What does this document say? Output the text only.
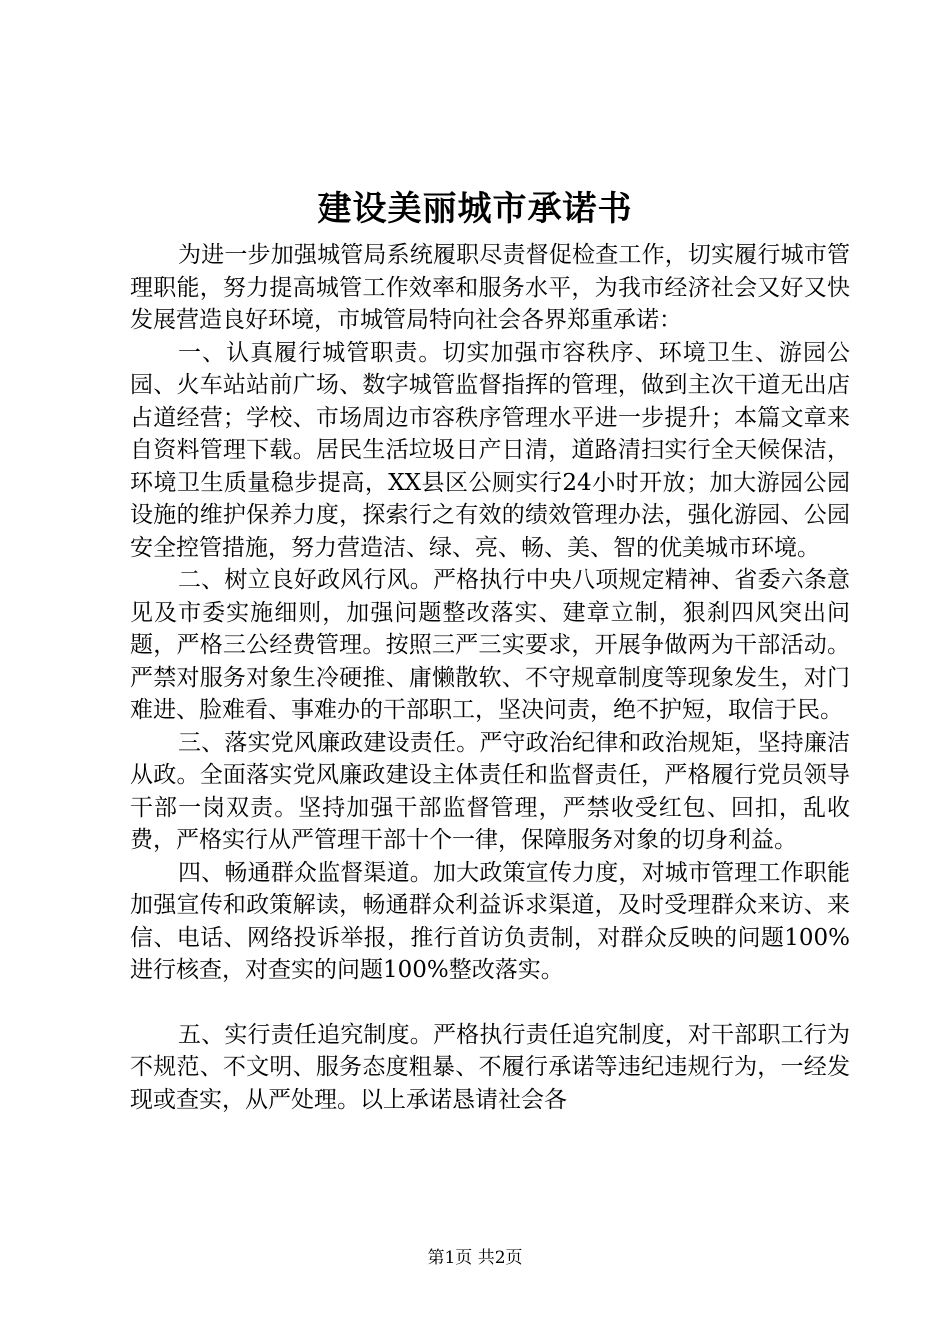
建设美丽城市承诺书

为进一步加强城管局系统履职尽责督促检查工作，切实履行城市管理职能，努力提高城管工作效率和服务水平，为我市经济社会又好又快发展营造良好环境，市城管局特向社会各界郑重承诺：

一、认真履行城管职责。切实加强市容秩序、环境卫生、游园公园、火车站站前广场、数字城管监督指挥的管理，做到主次干道无出店占道经营；学校、市场周边市容秩序管理水平进一步提升；本篇文章来自资料管理下载。居民生活垃圾日产日清，道路清扫实行全天候保洁，环境卫生质量稳步提高，XX县区公厕实行24小时开放；加大游园公园设施的维护保养力度，探索行之有效的绩效管理办法，强化游园、公园安全控管措施，努力营造洁、绿、亮、畅、美、智的优美城市环境。

二、树立良好政风行风。严格执行中央八项规定精神、省委六条意见及市委实施细则，加强问题整改落实、建章立制，狠刹四风突出问题，严格三公经费管理。按照三严三实要求，开展争做两为干部活动。严禁对服务对象生冷硬推、庸懒散软、不守规章制度等现象发生，对门难进、脸难看、事难办的干部职工，坚决问责，绝不护短，取信于民。

三、落实党风廉政建设责任。严守政治纪律和政治规矩，坚持廉洁从政。全面落实党风廉政建设主体责任和监督责任，严格履行党员领导干部一岗双责。坚持加强干部监督管理，严禁收受红包、回扣，乱收费，严格实行从严管理干部十个一律，保障服务对象的切身利益。

四、畅通群众监督渠道。加大政策宣传力度，对城市管理工作职能加强宣传和政策解读，畅通群众利益诉求渠道，及时受理群众来访、来信、电话、网络投诉举报，推行首访负责制，对群众反映的问题100%进行核查，对查实的问题100%整改落实。

五、实行责任追究制度。严格执行责任追究制度，对干部职工行为不规范、不文明、服务态度粗暴、不履行承诺等违纪违规行为，一经发现或查实，从严处理。以上承诺恳请社会各

第1页 共2页
